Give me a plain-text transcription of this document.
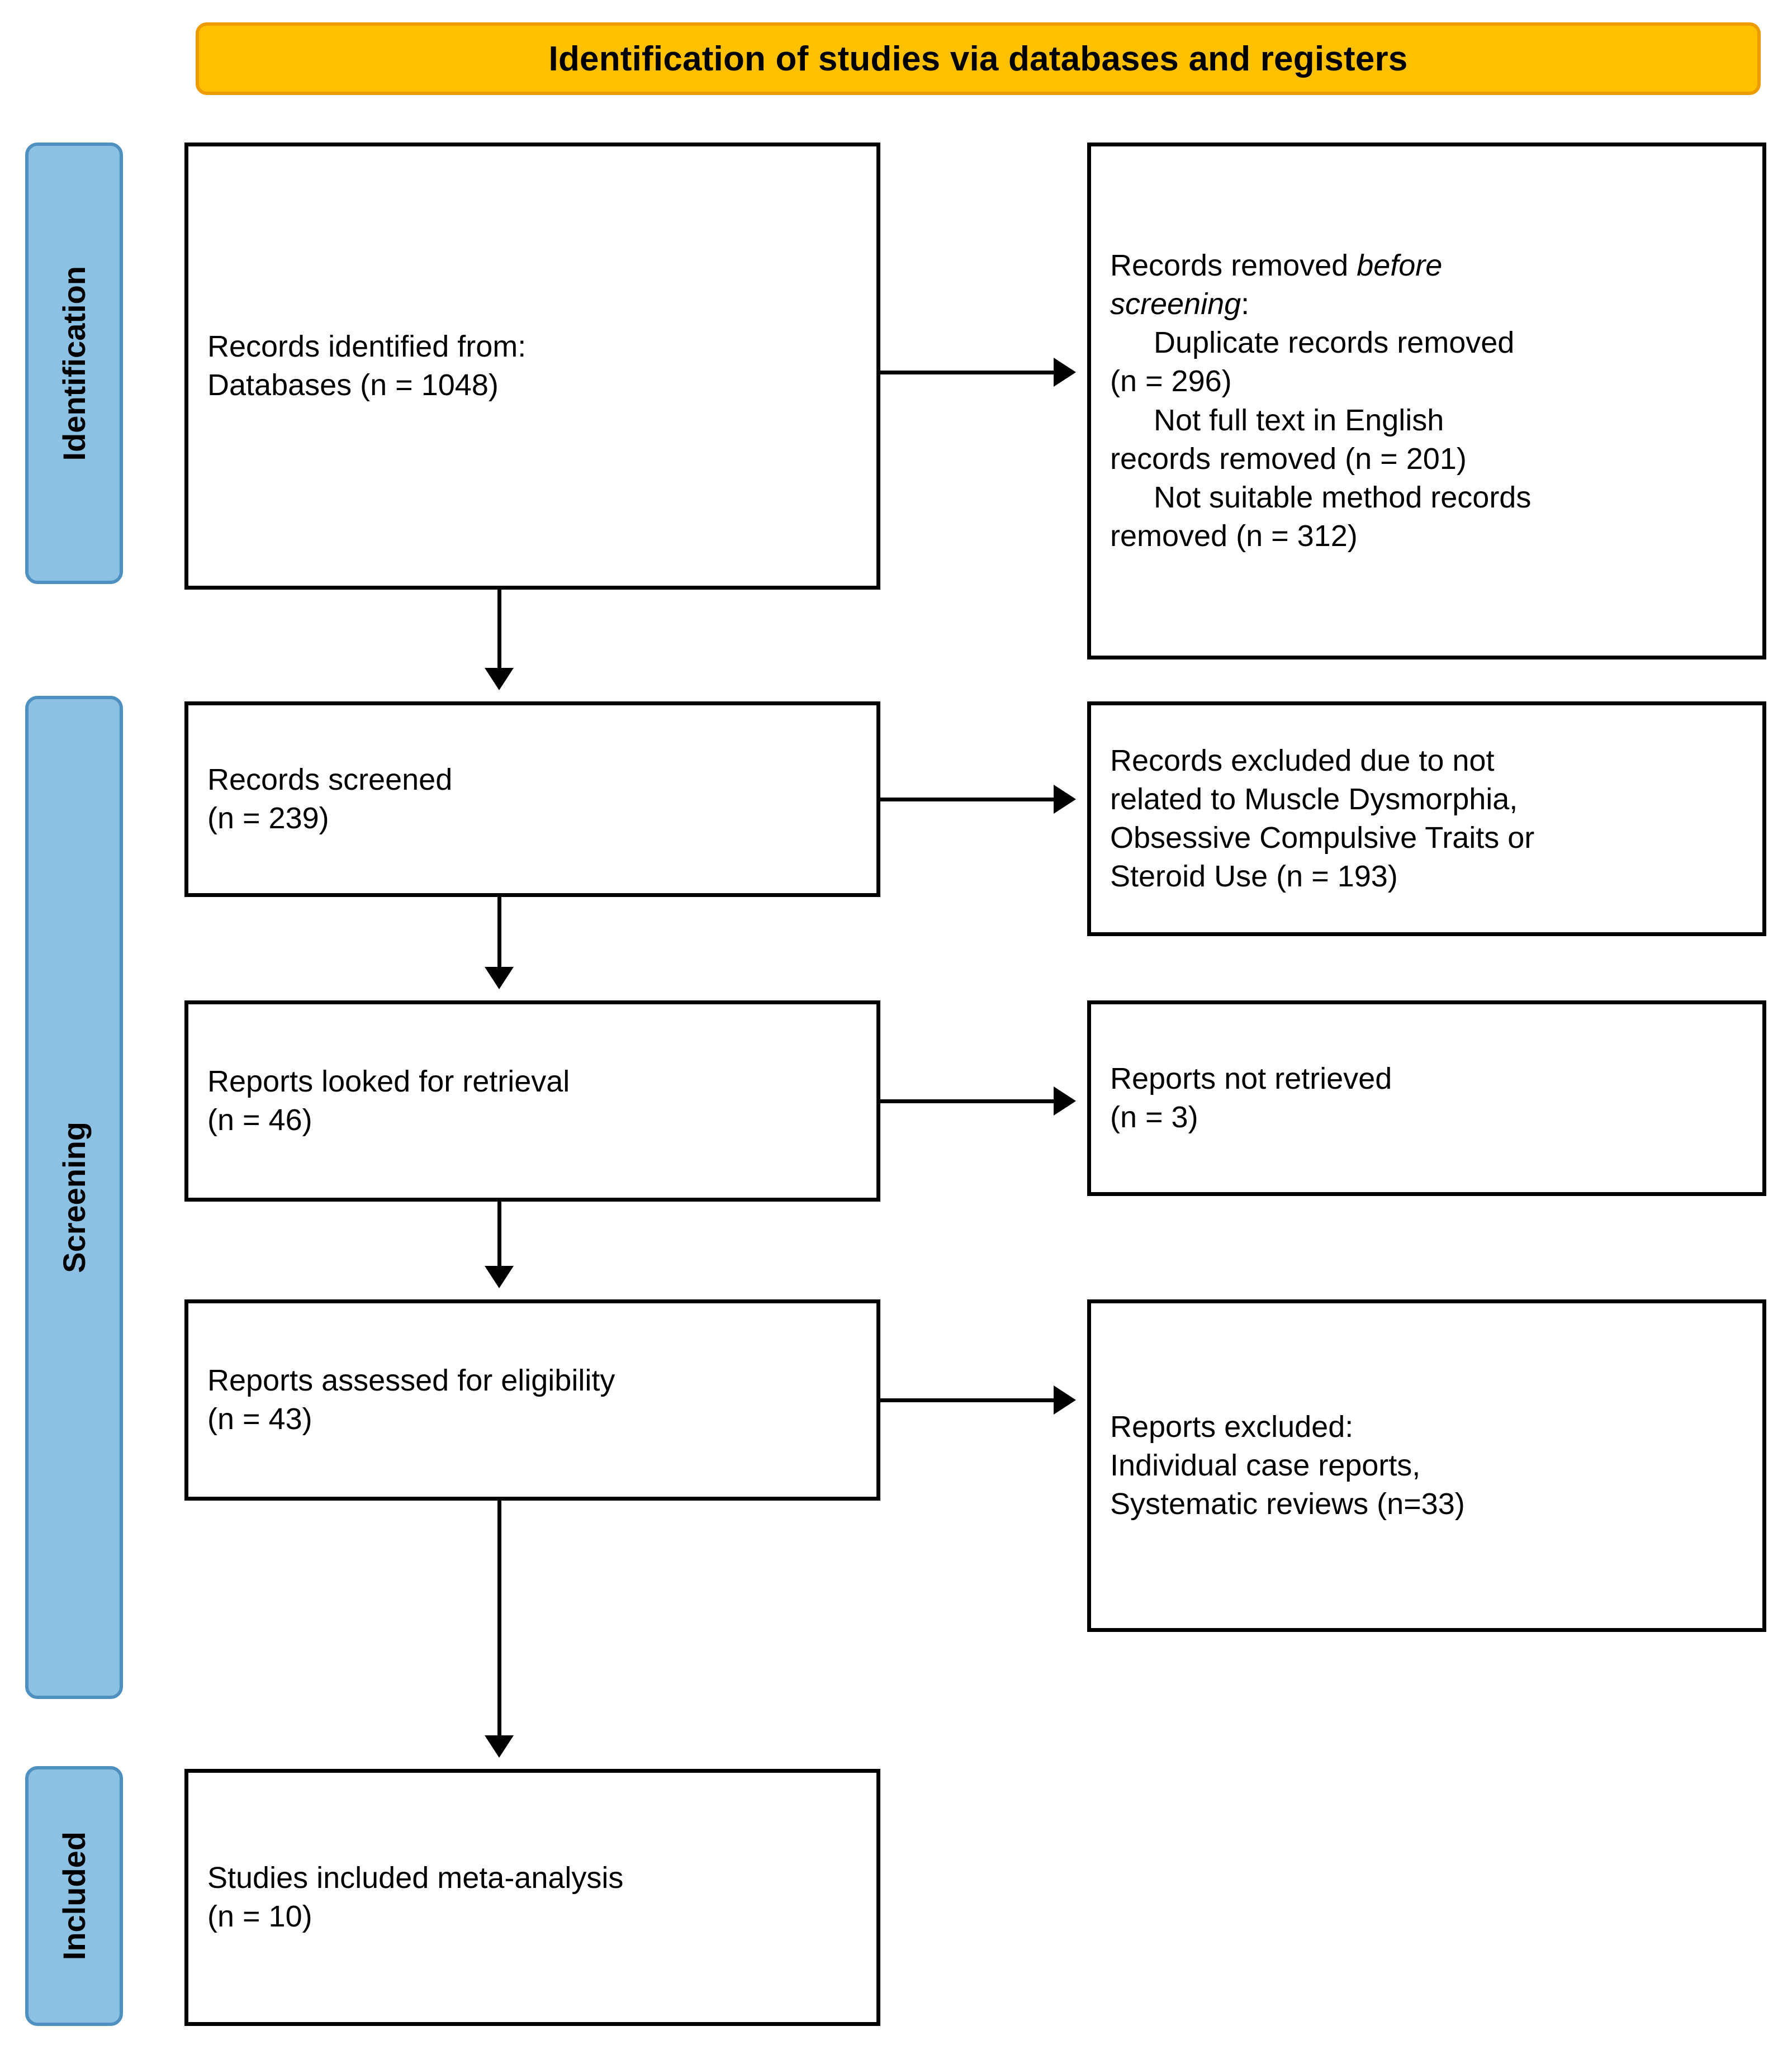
Identification of studies via databases and registers
Identification
Screening
Included

Records identified from:

Databases (n = 1048)

Records removed before

screening:

Duplicate records removed

(n = 296)

Not full text in English

records removed (n = 201)

Not suitable method records

removed (n = 312)

Records screened

(n = 239)

Records excluded due to not

related to Muscle Dysmorphia,

Obsessive Compulsive Traits or

Steroid Use (n = 193)

Reports looked for retrieval

(n = 46)

Reports not retrieved

(n = 3)

Reports assessed for eligibility

(n = 43)	Reports excluded:

Individual case reports,

Systematic reviews (n=33)

Studies included meta-analysis

(n = 10)
